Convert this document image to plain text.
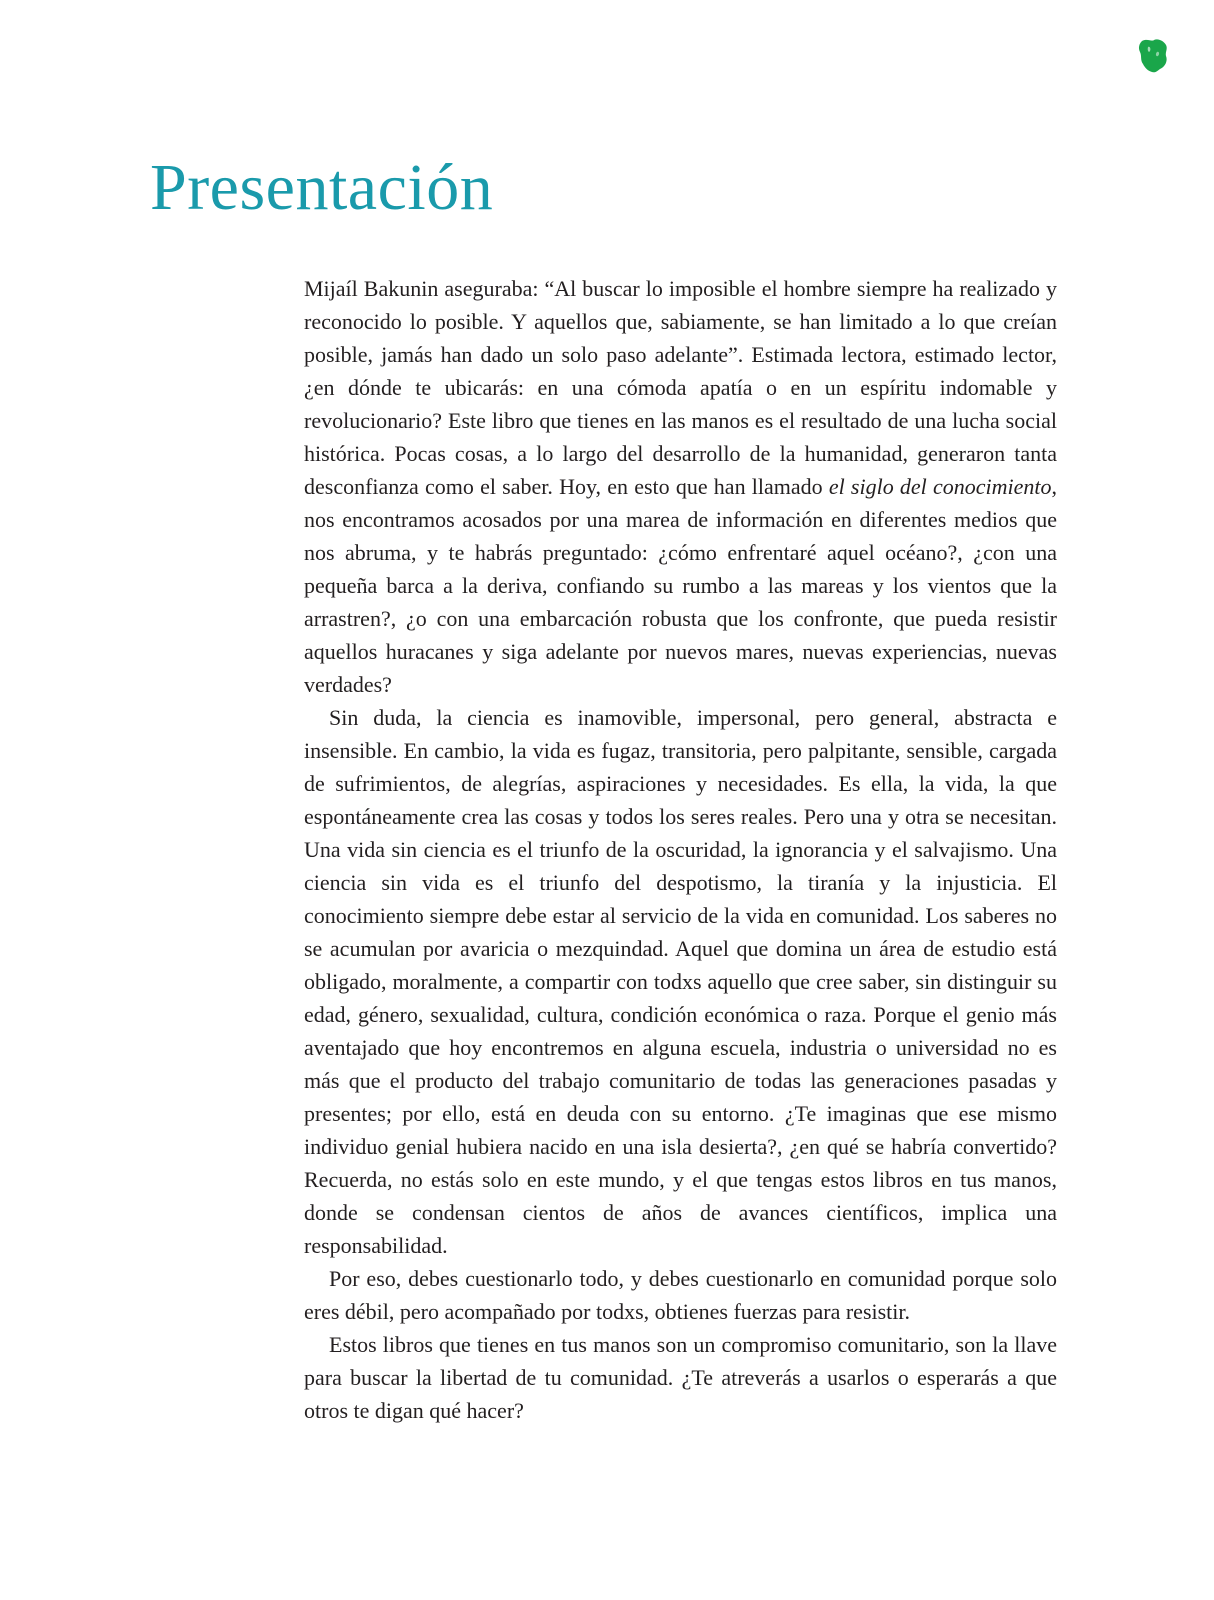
Presentación

Mijaíl Bakunin aseguraba: “Al buscar lo imposible el hombre siempre ha realizado y reconocido lo posible. Y aquellos que, sabiamente, se han limitado a lo que creían posible, jamás han dado un solo paso adelante”. Estimada lectora, estimado lector, ¿en dónde te ubicarás: en una cómoda apatía o en un espíritu indomable y revolucionario? Este libro que tienes en las manos es el resultado de una lucha social histórica. Pocas cosas, a lo largo del desarrollo de la humanidad, generaron tanta desconfianza como el saber. Hoy, en esto que han llamado el siglo del conocimiento, nos encontramos acosados por una marea de información en diferentes medios que nos abruma, y te habrás preguntado: ¿cómo enfrentaré aquel océano?, ¿con una pequeña barca a la deriva, confiando su rumbo a las mareas y los vientos que la arrastren?, ¿o con una embarcación robusta que los confronte, que pueda resistir aquellos huracanes y siga adelante por nuevos mares, nuevas experiencias, nuevas verdades?

Sin duda, la ciencia es inamovible, impersonal, pero general, abstracta e insensible. En cambio, la vida es fugaz, transitoria, pero palpitante, sensible, cargada de sufrimientos, de alegrías, aspiraciones y necesidades. Es ella, la vida, la que espontáneamente crea las cosas y todos los seres reales. Pero una y otra se necesitan. Una vida sin ciencia es el triunfo de la oscuridad, la ignorancia y el salvajismo. Una ciencia sin vida es el triunfo del despotismo, la tiranía y la injusticia. El conocimiento siempre debe estar al servicio de la vida en comunidad. Los saberes no se acumulan por avaricia o mezquindad. Aquel que domina un área de estudio está obligado, moralmente, a compartir con todxs aquello que cree saber, sin distinguir su edad, género, sexualidad, cultura, condición económica o raza. Porque el genio más aventajado que hoy encontremos en alguna escuela, industria o universidad no es más que el producto del trabajo comunitario de todas las generaciones pasadas y presentes; por ello, está en deuda con su entorno. ¿Te imaginas que ese mismo individuo genial hubiera nacido en una isla desierta?, ¿en qué se habría convertido? Recuerda, no estás solo en este mundo, y el que tengas estos libros en tus manos, donde se condensan cientos de años de avances científicos, implica una responsabilidad.

Por eso, debes cuestionarlo todo, y debes cuestionarlo en comunidad porque solo eres débil, pero acompañado por todxs, obtienes fuerzas para resistir.

Estos libros que tienes en tus manos son un compromiso comunitario, son la llave para buscar la libertad de tu comunidad. ¿Te atreverás a usarlos o esperarás a que otros te digan qué hacer?
